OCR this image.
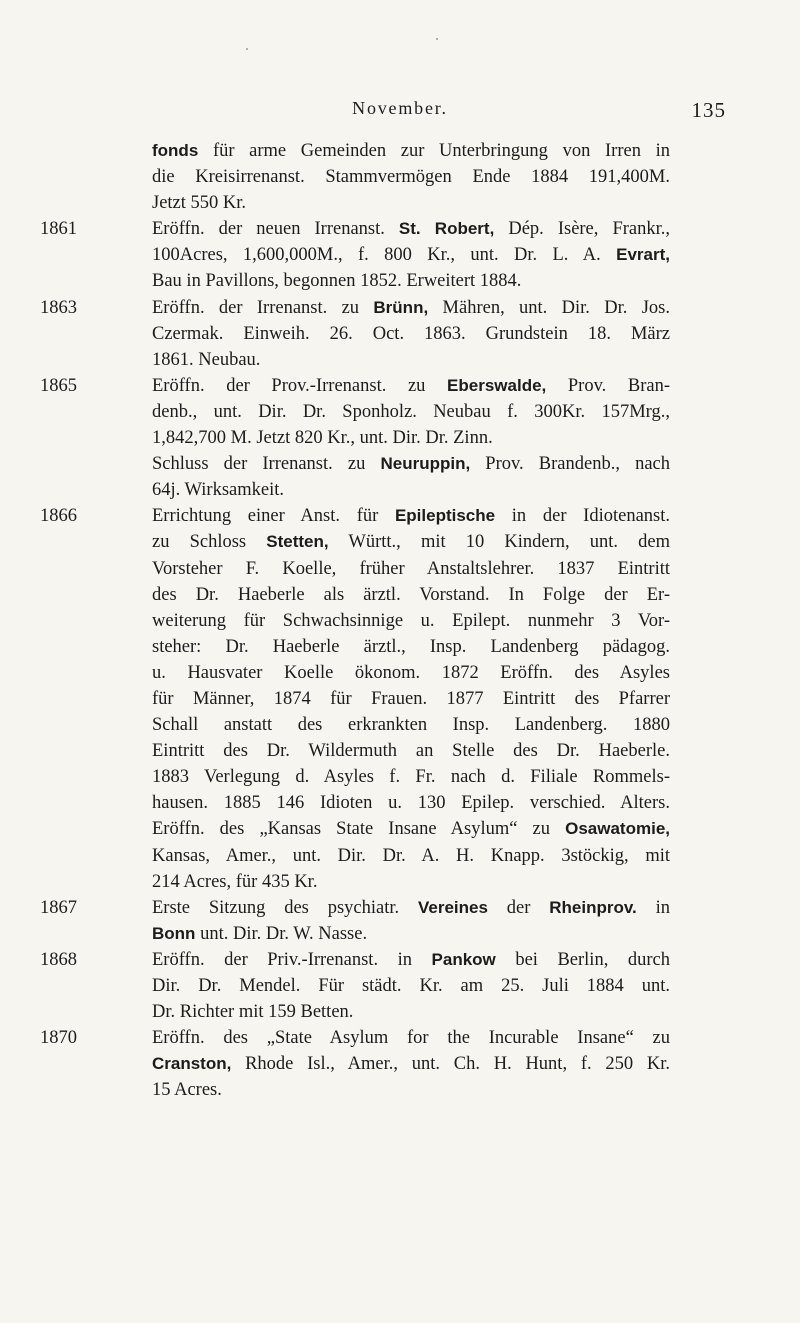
November.	135
fonds für arme Gemeinden zur Unterbringung von Irren in
die Kreisirrenanst. Stammvermögen Ende 1884 191,400M.
Jetzt 550 Kr.
1861	Eröffn. der neuen Irrenanst. St. Robert, Dép. Isère, Frankr.,
100Acres, 1,600,000M., f. 800 Kr., unt. Dr. L. A. Evrart,
Bau in Pavillons, begonnen 1852. Erweitert 1884.
1863	Eröffn. der Irrenanst. zu Brünn, Mähren, unt. Dir. Dr. Jos.
Czermak. Einweih. 26. Oct. 1863. Grundstein 18. März
1861. Neubau.
1865	Eröffn. der Prov.-Irrenanst. zu Eberswalde, Prov. Bran-
denb., unt. Dir. Dr. Sponholz. Neubau f. 300Kr. 157Mrg.,
1,842,700 M. Jetzt 820 Kr., unt. Dir. Dr. Zinn.
Schluss der Irrenanst. zu Neuruppin, Prov. Brandenb., nach
64j. Wirksamkeit.
1866	Errichtung einer Anst. für Epileptische in der Idiotenanst.
zu Schloss Stetten, Württ., mit 10 Kindern, unt. dem
Vorsteher F. Koelle, früher Anstaltslehrer. 1837 Eintritt
des Dr. Haeberle als ärztl. Vorstand. In Folge der Er-
weiterung für Schwachsinnige u. Epilept. nunmehr 3 Vor-
steher: Dr. Haeberle ärztl., Insp. Landenberg pädagog.
u. Hausvater Koelle ökonom. 1872 Eröffn. des Asyles
für Männer, 1874 für Frauen. 1877 Eintritt des Pfarrer
Schall anstatt des erkrankten Insp. Landenberg. 1880
Eintritt des Dr. Wildermuth an Stelle des Dr. Haeberle.
1883 Verlegung d. Asyles f. Fr. nach d. Filiale Rommels-
hausen. 1885 146 Idioten u. 130 Epilep. verschied. Alters.
Eröffn. des „Kansas State Insane Asylum“ zu Osawatomie,
Kansas, Amer., unt. Dir. Dr. A. H. Knapp. 3stöckig, mit
214 Acres, für 435 Kr.
1867	Erste Sitzung des psychiatr. Vereines der Rheinprov. in
Bonn unt. Dir. Dr. W. Nasse.
1868	Eröffn. der Priv.-Irrenanst. in Pankow bei Berlin, durch
Dir. Dr. Mendel. Für städt. Kr. am 25. Juli 1884 unt.
Dr. Richter mit 159 Betten.
1870	Eröffn. des „State Asylum for the Incurable Insane“ zu
Cranston, Rhode Isl., Amer., unt. Ch. H. Hunt, f. 250 Kr.
15 Acres.
